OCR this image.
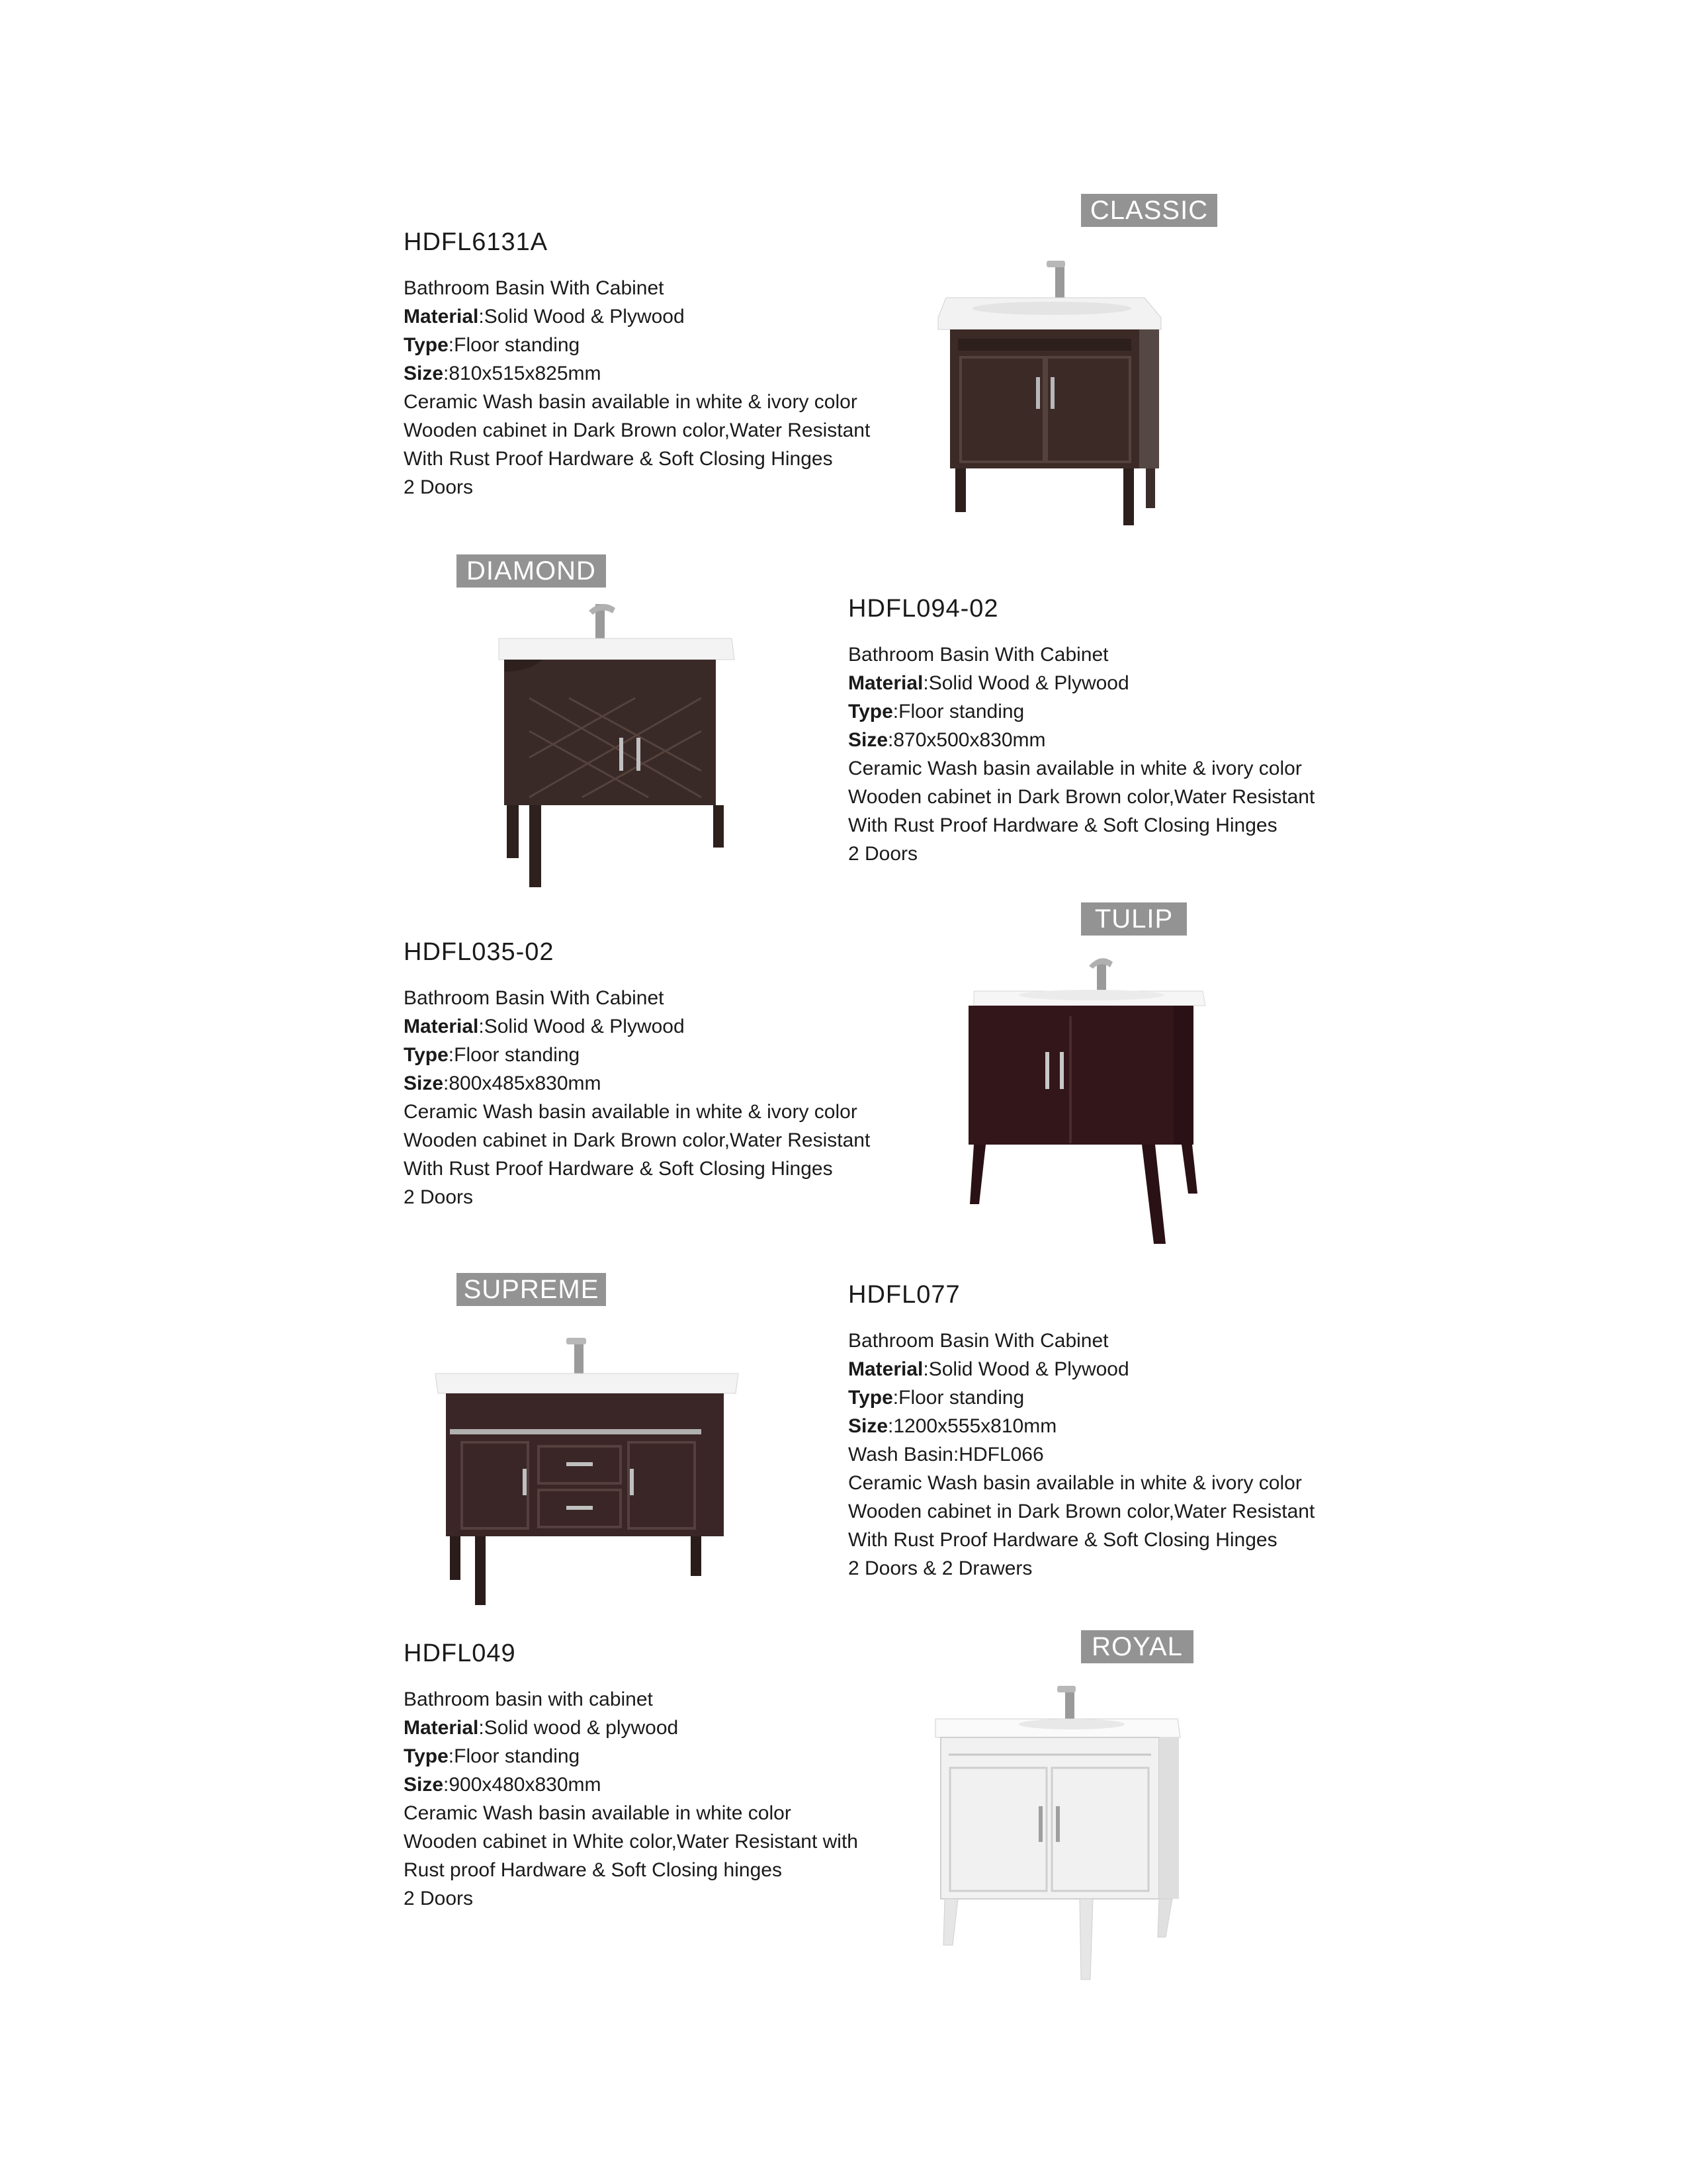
CLASSIC
HDFL6131A
Bathroom Basin With Cabinet
Material:Solid Wood & Plywood
Type:Floor standing
Size:810x515x825mm
Ceramic Wash basin available in white & ivory color
Wooden cabinet in Dark Brown color,Water Resistant
With Rust Proof Hardware & Soft Closing Hinges
2 Doors
DIAMOND
HDFL094-02
Bathroom Basin With Cabinet
Material:Solid Wood & Plywood
Type:Floor standing
Size:870x500x830mm
Ceramic Wash basin available in white & ivory color
Wooden cabinet in Dark Brown color,Water Resistant
With Rust Proof Hardware & Soft Closing Hinges
2 Doors
TULIP
HDFL035-02
Bathroom Basin With Cabinet
Material:Solid Wood & Plywood
Type:Floor standing
Size:800x485x830mm
Ceramic Wash basin available in white & ivory color
Wooden cabinet in Dark Brown color,Water Resistant
With Rust Proof Hardware & Soft Closing Hinges
2 Doors
SUPREME	HDFL077
Bathroom Basin With Cabinet
Material:Solid Wood & Plywood
Type:Floor standing
Size:1200x555x810mm
Wash Basin:HDFL066
Ceramic Wash basin available in white & ivory color
Wooden cabinet in Dark Brown color,Water Resistant
With Rust Proof Hardware & Soft Closing Hinges
2 Doors & 2 Drawers
ROYAL
HDFL049
Bathroom basin with cabinet
Material:Solid wood & plywood
Type:Floor standing
Size:900x480x830mm
Ceramic Wash basin available in white color
Wooden cabinet in White color,Water Resistant with
Rust proof Hardware & Soft Closing hinges
2 Doors
